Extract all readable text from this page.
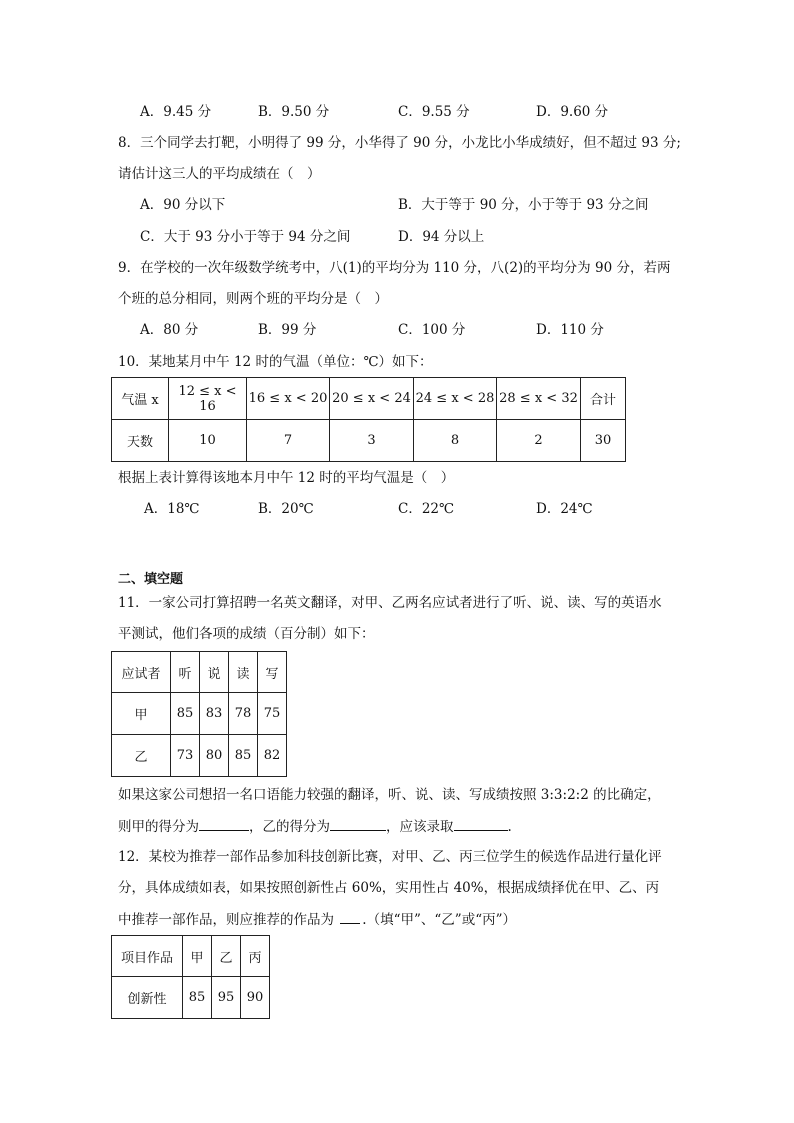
A．9.45 分	B．9.50 分	C．9.55 分	D．9.60 分
8．三个同学去打靶，小明得了 99 分，小华得了 90 分，小龙比小华成绩好，但不超过 93 分;
请估计这三人的平均成绩在（　）
A．90 分以下	B．大于等于 90 分，小于等于 93 分之间
C．大于 93 分小于等于 94 分之间	D．94 分以上
9．在学校的一次年级数学统考中，八(1)的平均分为 110 分，八(2)的平均分为 90 分，若两
个班的总分相同，则两个班的平均分是（　）
A．80 分	B．99 分	C．100 分	D．110 分
10．某地某月中午 12 时的气温（单位：℃）如下：
气温 x	12 ≤ x < 16	16 ≤ x < 20	20 ≤ x < 24	24 ≤ x < 28	28 ≤ x < 32	合计
天数	10	7	3	8	2	30
根据上表计算得该地本月中午 12 时的平均气温是（　）
A．18℃	B．20℃	C．22℃	D．24℃
二、填空题
11．一家公司打算招聘一名英文翻译，对甲、乙两名应试者进行了听、说、读、写的英语水
平测试，他们各项的成绩（百分制）如下：
应试者	听	说	读	写
甲	85	83	78	75
乙	73	80	85	82
如果这家公司想招一名口语能力较强的翻译，听、说、读、写成绩按照 3:3:2:2 的比确定，
则甲的得分为	，乙的得分为	，应该录取	.
12．某校为推荐一部作品参加科技创新比赛，对甲、乙、丙三位学生的候选作品进行量化评
分，具体成绩如表，如果按照创新性占 60%，实用性占 40%，根据成绩择优在甲、乙、丙
中推荐一部作品，则应推荐的作品为 .（填“甲”、“乙”或“丙”）
项目作品	甲	乙	丙
创新性	85	95	90
